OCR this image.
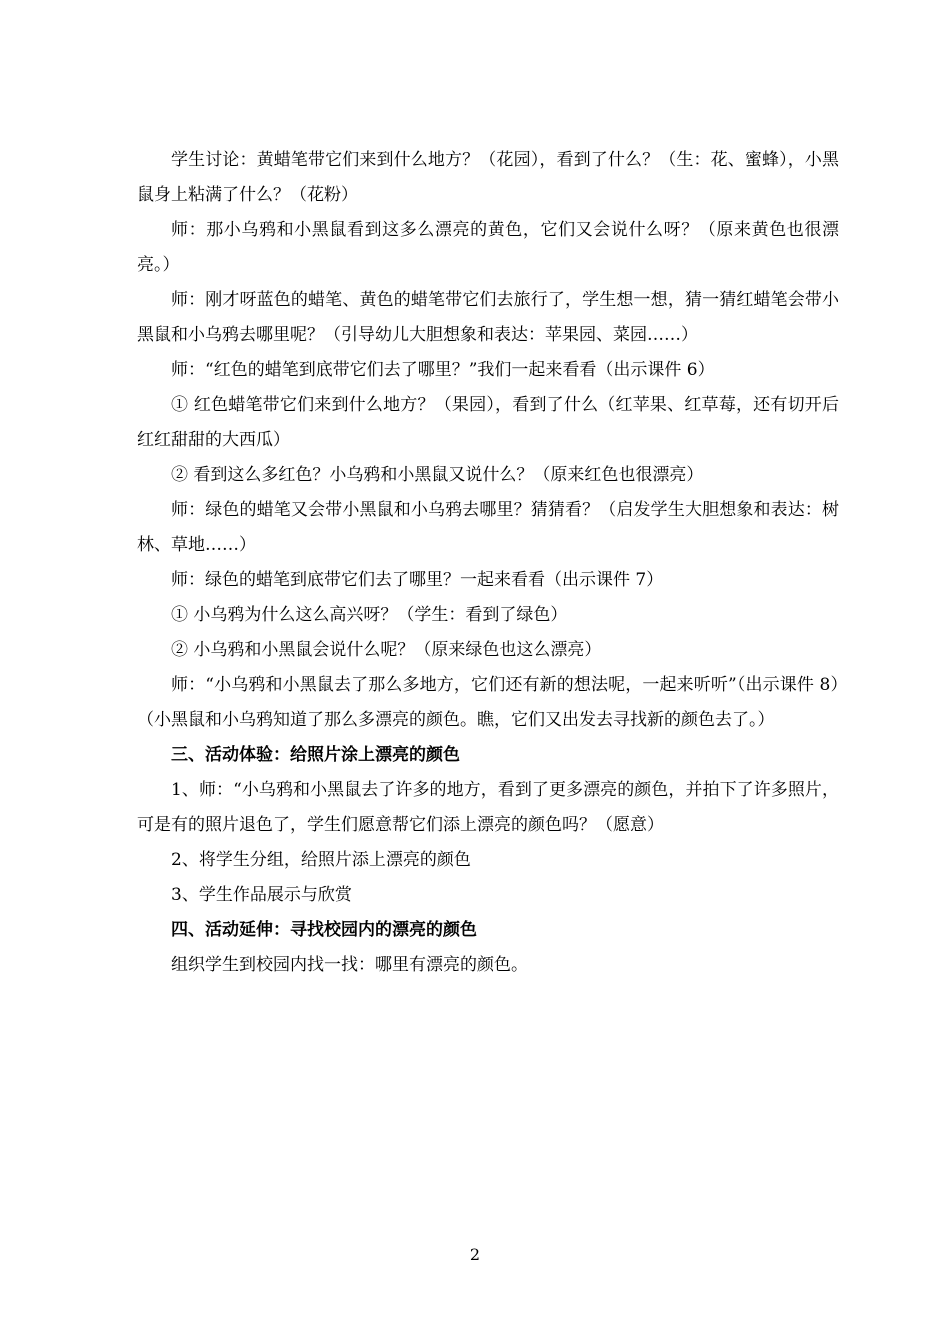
学生讨论：黄蜡笔带它们来到什么地方？（花园），看到了什么？（生：花、蜜蜂），小黑鼠身上粘满了什么？（花粉）

师：那小乌鸦和小黑鼠看到这多么漂亮的黄色，它们又会说什么呀？（原来黄色也很漂亮。）

师：刚才呀蓝色的蜡笔、黄色的蜡笔带它们去旅行了，学生想一想，猜一猜红蜡笔会带小黑鼠和小乌鸦去哪里呢？（引导幼儿大胆想象和表达：苹果园、菜园……）

师：“红色的蜡笔到底带它们去了哪里？”我们一起来看看（出示课件 6）

① 红色蜡笔带它们来到什么地方？（果园），看到了什么（红苹果、红草莓，还有切开后红红甜甜的大西瓜）

② 看到这么多红色？小乌鸦和小黑鼠又说什么？（原来红色也很漂亮）

师：绿色的蜡笔又会带小黑鼠和小乌鸦去哪里？猜猜看？（启发学生大胆想象和表达：树林、草地……）

师：绿色的蜡笔到底带它们去了哪里？一起来看看（出示课件 7）

① 小乌鸦为什么这么高兴呀？（学生：看到了绿色）

② 小乌鸦和小黑鼠会说什么呢？（原来绿色也这么漂亮）

师：“小乌鸦和小黑鼠去了那么多地方，它们还有新的想法呢，一起来听听”（出示课件 8）（小黑鼠和小乌鸦知道了那么多漂亮的颜色。瞧，它们又出发去寻找新的颜色去了。）

三、活动体验：给照片涂上漂亮的颜色

1、师：“小乌鸦和小黑鼠去了许多的地方，看到了更多漂亮的颜色，并拍下了许多照片，可是有的照片退色了，学生们愿意帮它们添上漂亮的颜色吗？（愿意）

2、将学生分组，给照片添上漂亮的颜色

3、学生作品展示与欣赏

四、活动延伸：寻找校园内的漂亮的颜色

组织学生到校园内找一找：哪里有漂亮的颜色。

2
